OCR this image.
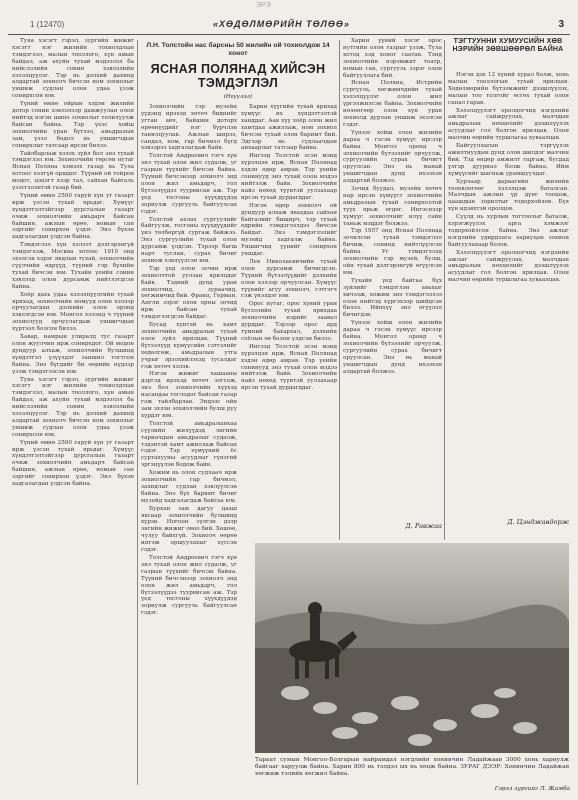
ЭРЭ
1 (12470)	«ХӨДӨЛМӨРИЙН ТӨЛӨӨ»	3

Туяа хэсэгт гэрэл, зургийн жижиг хэсэгт нэг жилийн тохиолдлын тэмдэглэл, малын тооллого, хүн амын байдал, аж ахуйн тухай мэдээлэл ба нийслэлийн сонин хэвлэлийн хэлэлцүүлэг. Тэр нь дэлхий дахинд алдартай зохиолч бичсэн ном зохиолыг уншиж судлан олон удаа үзэж сонирхсон юм.

Үүний өмнө ойрын хэдэн жилийн дотор сонин хэвлэлээр дамжуулан олон нийтэд нэгэн шинэ зохиолыг толилуулж байсан байна. Тэр үеэс хойш зохиолчийн уран бүтээл, амьдралын зам, үзэл бодол нь уншигчдын сонирхлыг татсаар ирсэн билээ.

Тайлбарлаж хэлэх зүйл бол энэ тухай тэмдэглэл юм. Зохиолчийн төрсөн нутаг Ясная Поляна хэмээх газар нь Тула хотоос холгүй оршдог. Түүний ой тойрон модот, цэцэгт хээр тал, сайхан байгаль үзэсгэлэнтэй газар бий.

Үүний өмнө 2500 гаруй хүн уг газарт ирж үзсэн тухай ярьдаг. Хүмүүс хүндэтгэлтэйгээр дурсгалын газарт очиж зохиолчийн амьдарч байсан байшин, ажлын өрөө, номын сан зэргийг сонирхон үздэг. Энэ бүхэн хадгалагдан үлдсэн байна.

Тэмдэглэл хүн хэлэлт дэлгэрэнгүй тэмдэглэж, Москва хотоос 1910 онд эхэлсэн хэрэг явдлын тухай, зохиолчийн сүүлчийн өдрүүд, түүний гэр бүлийн тухай бичсэн юм. Тухайн үеийн сонин хэвлэлд олон дурсамж нийтлэгдсэн байна.

Хоёр дахь удаа хэлэлцүүлгийн тухай ярихад, зохиолчийн номууд олон хэлээр орчуулагдан дэлхийн олон оронд хэвлэгдсэн юм. Монгол хэлэнд ч түүний зохиолууд орчуулагдаж уншигчдын хүртээл болсон билээ.

Хавар, намрын улиралд тус газарт олон жуулчин ирж сонирхдог. Ой модон дундуур алхаж, зохиолчийн булшинд хүндэтгэл үзүүлдэг заншил тогтсон байна. Энэ бүгдийг би өөрийн нүдээр үзэж тэмдэглэсэн юм.

Туяа хэсэгт гэрэл, зургийн жижиг хэсэгт нэг жилийн тохиолдлын тэмдэглэл, малын тооллого, хүн амын байдал, аж ахуйн тухай мэдээлэл ба нийслэлийн сонин хэвлэлийн хэлэлцүүлэг. Тэр нь дэлхий дахинд алдартай зохиолч бичсэн ном зохиолыг уншиж судлан олон удаа үзэж сонирхсон юм.

Үүний өмнө 2500 гаруй хүн уг газарт ирж үзсэн тухай ярьдаг. Хүмүүс хүндэтгэлтэйгээр дурсгалын газарт очиж зохиолчийн амьдарч байсан байшин, ажлын өрөө, номын сан зэргийг сонирхон үздэг. Энэ бүхэн хадгалагдан үлдсэн байна.

Л.Н. Толстойн нас барсны 50 жилийн ой тохиолдож 14 хонот
ЯСНАЯ ПОЛЯНАД ХИЙСЭН ТЭМДЭГЛЭЛ
(Өгүүлэл)

Зохиолчийн гэр музейн үүдэнд ирэхэд хөтөч биднийг угтан авч, байшин доторх өрөөнүүдийг нэг бүрчлэн танилцуулав. Ажлын ширээ, сандал, ном, гар бичмэл бүгд хэвээрээ хадгалагдаж байв.

Толстой Андреевич гэгч хүн энэ тухай олон жил судалж, уг газрын түүхийг бичсэн байна. Түүний бичсэнээр зохиолч энд олон жил амьдарч, гол бүтээлүүдээ туурвисан аж. Тэр үед тосгоны хүүхдүүдэд зориулж сургууль байгуулсан гэдэг.

Толстой ахлах сургуулийг байгуулж, тосгоны хүүхдүүдийг үнэ төлбөргүй сургаж байжээ. Энэ сургуулийн тухай олон дурсамж үлдсэн. Тэрээр багш нарт туслан, сурах бичиг зохиож хэвлүүлсэн юм.

Тэр үед олон зочин ирж зохиолчтой уулзан ярилцдаг байв. Тэдний дунд уран зохиолчид, зураачид, хөгжимчид бий. Франц, Герман, Англи зэрэг олон орны зочид ирж байсан тухай тэмдэглэгдсэн байдаг.

Бусад хүнтэй нь хамт зохиолчийн амьдралын тухай олон зүйл ярилцав. Түүний бүтээлүүд хүмүүсийн сэтгэлийг хөдөлгөж, амьдралын утга учрыг эрэлхийлэхэд тусалдаг гэж хөтөч хэлэв.

Нэгэн жижиг хашааны дэргэд ирэхэд хөтөч зогсож, энэ бол зохиолчийн хүүхэд насандаа тоглодог байсан газар гэж тайлбарлав. Эндээс ойн зам эхлэн зохиолчийн булш руу хүрдэг юм.

Толстой амьдралынхаа сүүлийн жилүүдэд энгийн тариачдын амьдралыг судалж, тэдэнтэй хамт ажиллаж байсан гэдэг. Тэр хүмүүний ёс суртахууны асуудлыг гүнзгий эргэцүүлэн бодож байв.

Хожим нь олон судлаач ирж зохиолчийн гар бичмэл, захидлыг судлан хэвлүүлсэн байна. Энэ бүх баримт бичиг музейд хадгалагдаж байгаа юм.

Бурхан зам дагуу цааш явсаар зохиолчийн булшинд хүрэв. Ногоон зүлгэн дээр энгийн жижиг овоо бий. Хөшөө, чулуу байхгүй. Зохиолч өөрөө ингэж оршуулахыг хүссэн гэдэг.

Толстой Андреевич гэгч хүн энэ тухай олон жил судалж, уг газрын түүхийг бичсэн байна. Түүний бичсэнээр зохиолч энд олон жил амьдарч, гол бүтээлүүдээ туурвисан аж. Тэр үед тосгоны хүүхдүүдэд зориулж сургууль байгуулсан гэдэг.

Харин хүүгийн тухай ярихад хүмүүс их хүндэтгэлтэй ханддаг. Аав хүү хоёр олон жил хамтдаа ажиллаж, ном зохиол бичсэн тухай олон баримт бий. Эдгээр нь судлаачдын анхаарлыг татсаар байна.

Ингээд Толстой эсэн мэнд хүрэлцэн ирж, Ясная Полянад хэдэн өдөр амрав. Тэр үеийн сонинууд энэ тухай олон мэдээ нийтэлж байв. Зохиолчийн найз нөхөд түүнтэй уулзахаар ирсэн тухай дурдагддаг.

Нэгэн өдөр зохиолч ой дундуур алхаж явахдаа сайхан байгалийг биширч, тэр тухай өдрийн тэмдэглэлдээ бичсэн байдаг. Энэ тэмдэглэлийг музейд хадгалж байна. Уншигчид үүнийг сонирхон уншдаг.

Лев Николаевичийн тухай олон дурсамж бичигдсэн. Түүний бүтээлүүдийг дэлхийн олон хэлээр орчуулсан. Хүмүүс түүнийг агуу зохиолч, сэтгэгч гэж үнэлдэг юм.

Орос нутаг, орос хүний уран бүтээлийн тухай ярихдаа зохиолчийн нэрийг заавал дурддаг. Тэрээр орос ард түмний бахархал, дэлхийн соёлын өв болон үлдсэн билээ.

Ингээд Толстой эсэн мэнд хүрэлцэн ирж, Ясная Полянад хэдэн өдөр амрав. Тэр үеийн сонинууд энэ тухай олон мэдээ нийтэлж байв. Зохиолчийн найз нөхөд түүнтэй уулзахаар ирсэн тухай дурдагддаг.

Харин үүний хэсэг орос нутгийн олон газрыг үзэж, Тула хотод хэд хоног саатав. Тэнд зохиолчийн нэрэмжит театр, номын сан, сургууль зэрэг олон байгууллага бий.

Ясная Поляна, Истрийн сургууль, хөгжимчдийн тухай хэлэлцүүлэг олон жил үргэлжилсэн байна. Зохиолчийн нөлөөгөөр олон хүн уран зохиолд дурлан уншиж эхэлсэн гэдэг.

Үүнээс хойш олон жилийн дараа ч гэсэн хүмүүс ирсээр байна. Монгол оронд ч зохиолчийн бүтээлийг орчуулж, сургуулийн сурах бичигт оруулсан. Энэ нь манай уншигчдын дунд ихээхэн алдартай болжээ.

Зочид буудал, музейн хөтөч нар ирсэн хүмүүст зохиолчийн амьдралын тухай сонирхолтой түүх ярьж өгдөг. Ингэснээр хүмүүс зохиолчийг илүү сайн таньж мэддэг болжээ.

Тэр 1957 онд Ясная Полянад зочилсон тухай тэмдэглэл бичиж, сонинд нийтлүүлсэн байна. Уг тэмдэглэлд зохиолчийн гэр музей, булш, ойн тухай дэлгэрэнгүй өгүүлсэн юм.

Тухайн үед байгаа бүх зүйлийг тэмдэглэн авахыг хичээж, хожим энэ тэмдэглэлээ олон нийтэд хүргэхээр шийдсэн билээ. Ийнхүү энэ өгүүлэл бичигдэв.

Үүнээс хойш олон жилийн дараа ч гэсэн хүмүүс ирсээр байна. Монгол оронд ч зохиолчийн бүтээлийг орчуулж, сургуулийн сурах бичигт оруулсан. Энэ нь манай уншигчдын дунд ихээхэн алдартай болжээ.

Д. Равжаа
ТЭГТУУННИ ХУМУУСИЙН ХӨВ НЭРИЙН ЗӨВШӨӨРӨЛ БАЙНА

Нэгэн дэх 12 хүний хурал болж, хонь малын тооллогын тухай ярилцав. Хөдөлмөрийн бүтээмжийг дээшлүүлэх, малын тоо толгойг өсгөх тухай олон санал гарав.

Хэлэлцүүлэгт оролцогчид нэгдлийн ажлыг сайжруулах, малчдын амьдралын нөхцөлийг дээшлүүлэх асуудлыг гол болгон ярилцав. Олон малчин өөрийн туршлагаа хуваалцав.

Байгууллагын тэргүүлэх ажилтнуудын дунд олон шилдэг малчин бий. Тэд өндөр амжилт гаргаж, бусдад үлгэр дууриал болж байна. Ийм хүмүүсийг шагнаж урамшуулдаг.

Хурлаар дараагийн жилийн төлөвлөгөөг хэлэлцэж баталсан. Малчдын ажлын үр дүнг тооцож, цаашдын зорилтыг тодорхойлов. Бүх хүн идэвхтэй оролцов.

Сүүлд нь хурлын тогтоолыг баталж, хэрэгжүүлэх арга хэмжээг тодорхойлсон байна. Энэ ажлыг нэгдлийн удирдлага хариуцан зохион байгуулахаар болов.

Хэлэлцүүлэгт оролцогчид нэгдлийн ажлыг сайжруулах, малчдын амьдралын нөхцөлийг дээшлүүлэх асуудлыг гол болгон ярилцав. Олон малчин өөрийн туршлагаа хуваалцав.

Д. Цэнджавдорж
Тараат сумын Монгол-Болгарын найрамдал нэгдлийн хонинчин Ладайжаав 3000 хонь хариулж байгааг харуулж байна. Харин 800 нь тэлдэл ых нь хөцж байна. ЗУРАГ ДЭЭР: Хонинчин Ладайжав хөгжиж тэлийн хөгжил байна.
Гэрэл зургийг Л. Жамба
